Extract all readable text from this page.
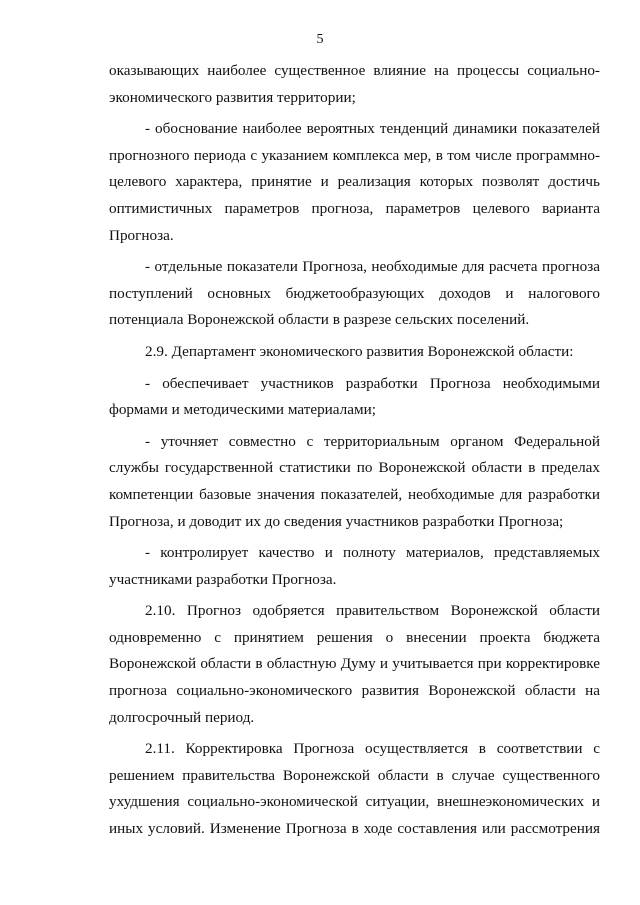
5

оказывающих наиболее существенное влияние на процессы социально-экономического развития территории;

- обоснование наиболее вероятных тенденций динамики показателей прогнозного периода с указанием комплекса мер, в том числе программно-целевого характера, принятие и реализация которых позволят достичь оптимистичных параметров прогноза, параметров целевого варианта Прогноза.

- отдельные показатели Прогноза, необходимые для расчета прогноза поступлений основных бюджетообразующих доходов и налогового потенциала Воронежской области в разрезе сельских поселений.

2.9. Департамент экономического развития Воронежской области:

- обеспечивает участников разработки Прогноза необходимыми формами и методическими материалами;

- уточняет совместно с территориальным органом Федеральной службы государственной статистики по Воронежской области в пределах компетенции базовые значения показателей, необходимые для разработки Прогноза, и доводит их до сведения участников разработки Прогноза;

- контролирует качество и полноту материалов, представляемых участниками разработки Прогноза.

2.10. Прогноз одобряется правительством Воронежской области одновременно с принятием решения о внесении проекта бюджета Воронежской области в областную Думу и учитывается при корректировке прогноза социально-экономического развития Воронежской области на долгосрочный период.

2.11. Корректировка Прогноза осуществляется в соответствии с решением правительства Воронежской области в случае существенного ухудшения социально-экономической ситуации, внешнеэкономических и иных условий. Изменение Прогноза в ходе составления или рассмотрения
